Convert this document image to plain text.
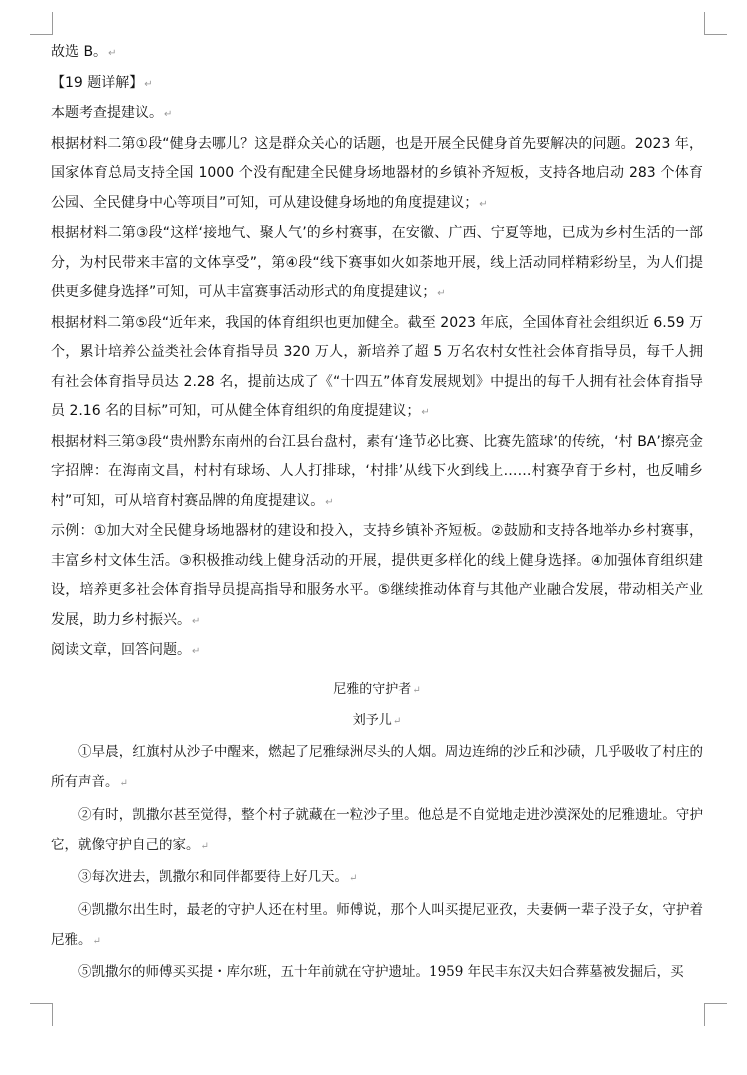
故选 B。↵

【19 题详解】↵

本题考查提建议。↵

根据材料二第①段“健身去哪儿？这是群众关心的话题，也是开展全民健身首先要解决的问题。2023 年，国家体育总局支持全国 1000 个没有配建全民健身场地器材的乡镇补齐短板，支持各地启动 283 个体育公园、全民健身中心等项目”可知，可从建设健身场地的角度提建议；↵

根据材料二第③段“这样‘接地气、聚人气’的乡村赛事，在安徽、广西、宁夏等地，已成为乡村生活的一部分，为村民带来丰富的文体享受”，第④段“线下赛事如火如荼地开展，线上活动同样精彩纷呈，为人们提供更多健身选择”可知，可从丰富赛事活动形式的角度提建议；↵

根据材料二第⑤段“近年来，我国的体育组织也更加健全。截至 2023 年底，全国体育社会组织近 6.59 万个，累计培养公益类社会体育指导员 320 万人，新培养了超 5 万名农村女性社会体育指导员，每千人拥有社会体育指导员达 2.28 名，提前达成了《“十四五”体育发展规划》中提出的每千人拥有社会体育指导员 2.16 名的目标”可知，可从健全体育组织的角度提建议；↵

根据材料三第③段“贵州黔东南州的台江县台盘村，素有‘逢节必比赛、比赛先篮球’的传统，‘村 BA’擦亮金字招牌：在海南文昌，村村有球场、人人打排球，‘村排’从线下火到线上……村赛孕育于乡村，也反哺乡村”可知，可从培育村赛品牌的角度提建议。↵

示例：①加大对全民健身场地器材的建设和投入，支持乡镇补齐短板。②鼓励和支持各地举办乡村赛事，丰富乡村文体生活。③积极推动线上健身活动的开展，提供更多样化的线上健身选择。④加强体育组织建设，培养更多社会体育指导员提高指导和服务水平。⑤继续推动体育与其他产业融合发展，带动相关产业发展，助力乡村振兴。↵

阅读文章，回答问题。↵

尼雅的守护者↵

刘予儿↵

①早晨，红旗村从沙子中醒来，燃起了尼雅绿洲尽头的人烟。周边连绵的沙丘和沙碛，几乎吸收了村庄的所有声音。↵

②有时，凯撒尔甚至觉得，整个村子就藏在一粒沙子里。他总是不自觉地走进沙漠深处的尼雅遗址。守护它，就像守护自己的家。↵

③每次进去，凯撒尔和同伴都要待上好几天。↵

④凯撒尔出生时，最老的守护人还在村里。师傅说，那个人叫买提尼亚孜，夫妻俩一辈子没子女，守护着尼雅。↵

⑤凯撒尔的师傅买买提・库尔班，五十年前就在守护遗址。1959 年民丰东汉夫妇合葬墓被发掘后，买
